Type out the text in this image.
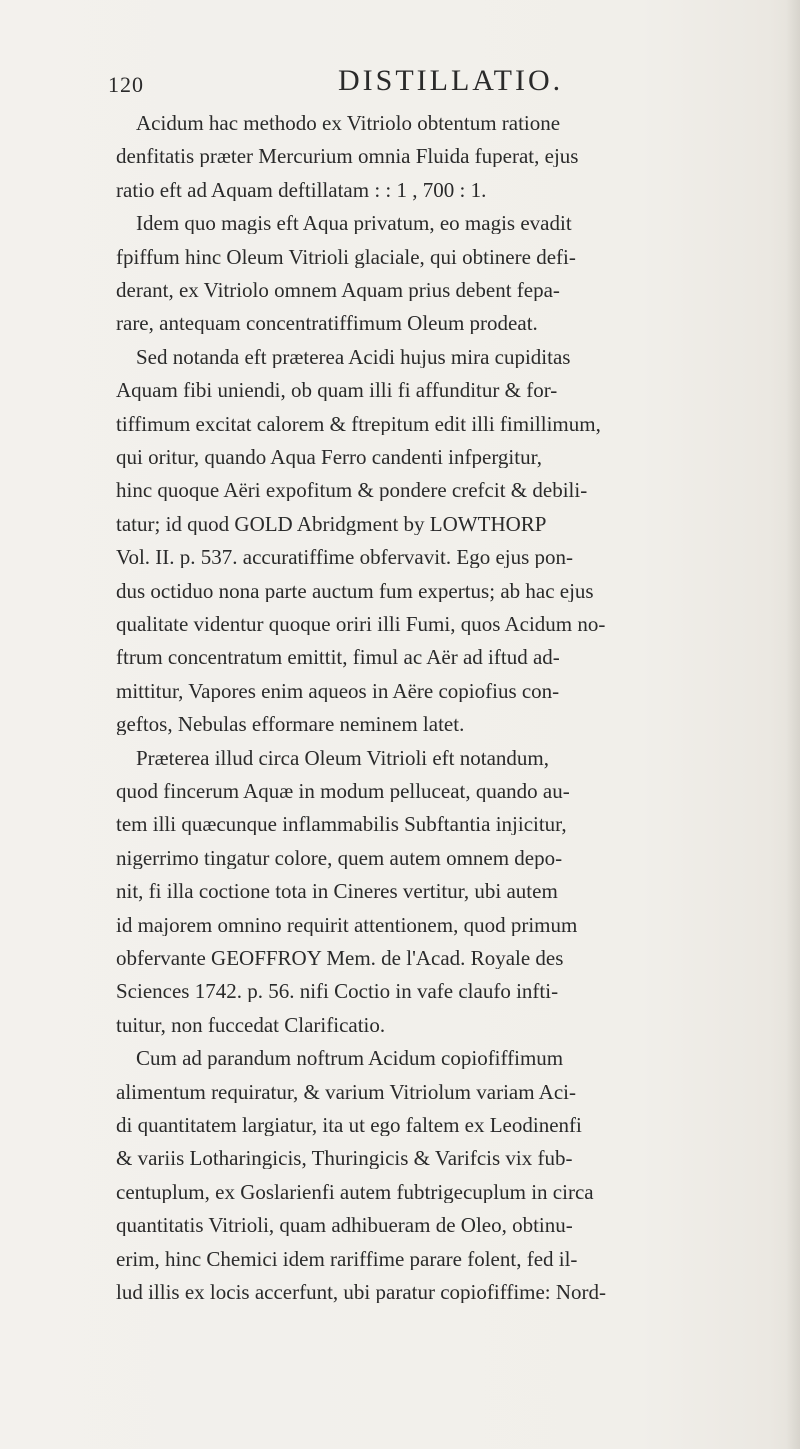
120	DISTILLATIO.
Acidum hac methodo ex Vitriolo obtentum ratione
denfitatis præter Mercurium omnia Fluida fuperat, ejus
ratio eft ad Aquam deftillatam : : 1 , 700 : 1.
Idem quo magis eft Aqua privatum, eo magis evadit
fpiffum hinc Oleum Vitrioli glaciale, qui obtinere defi-
derant, ex Vitriolo omnem Aquam prius debent fepa-
rare, antequam concentratiffimum Oleum prodeat.
Sed notanda eft præterea Acidi hujus mira cupiditas
Aquam fibi uniendi, ob quam illi fi affunditur & for-
tiffimum excitat calorem & ftrepitum edit illi fimillimum,
qui oritur, quando Aqua Ferro candenti infpergitur,
hinc quoque Aëri expofitum & pondere crefcit & debili-
tatur; id quod GOLD Abridgment by LOWTHORP
Vol. II. p. 537. accuratiffime obfervavit. Ego ejus pon-
dus octiduo nona parte auctum fum expertus; ab hac ejus
qualitate videntur quoque oriri illi Fumi, quos Acidum no-
ftrum concentratum emittit, fimul ac Aër ad iftud ad-
mittitur, Vapores enim aqueos in Aëre copiofius con-
geftos, Nebulas efformare neminem latet.
Præterea illud circa Oleum Vitrioli eft notandum,
quod fincerum Aquæ in modum pelluceat, quando au-
tem illi quæcunque inflammabilis Subftantia injicitur,
nigerrimo tingatur colore, quem autem omnem depo-
nit, fi illa coctione tota in Cineres vertitur, ubi autem
id majorem omnino requirit attentionem, quod primum
obfervante GEOFFROY Mem. de l'Acad. Royale des
Sciences 1742. p. 56. nifi Coctio in vafe claufo infti-
tuitur, non fuccedat Clarificatio.
Cum ad parandum noftrum Acidum copiofiffimum
alimentum requiratur, & varium Vitriolum variam Aci-
di quantitatem largiatur, ita ut ego faltem ex Leodinenfi
& variis Lotharingicis, Thuringicis & Varifcis vix fub-
centuplum, ex Goslarienfi autem fubtrigecuplum in circa
quantitatis Vitrioli, quam adhibueram de Oleo, obtinu-
erim, hinc Chemici idem rariffime parare folent, fed il-
lud illis ex locis accerfunt, ubi paratur copiofiffime: Nord-
